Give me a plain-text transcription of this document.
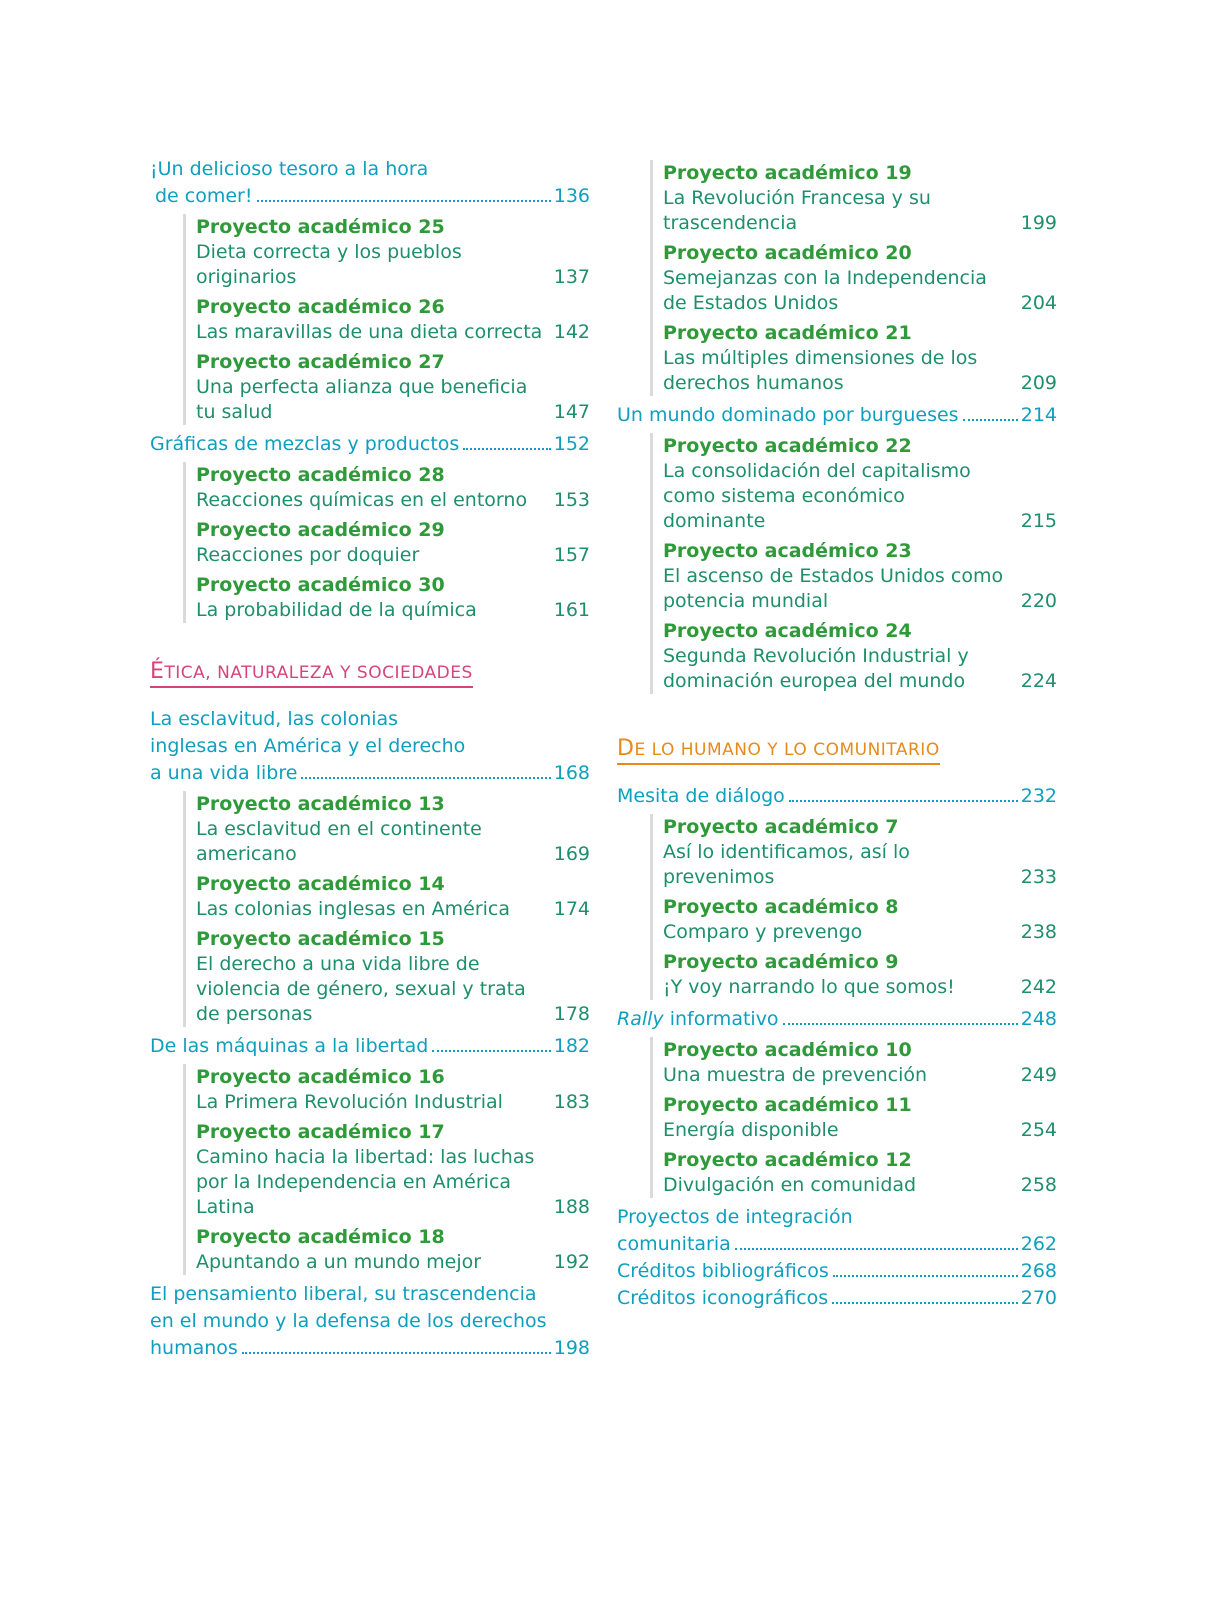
¡Un delicioso tesoro a la hora
de comer!	136
Proyecto académico 25
Dieta correcta y los pueblos originarios	137
Proyecto académico 26
Las maravillas de una dieta correcta 142
Proyecto académico 27
Una perfecta alianza que beneficia tu salud	147
Gráficas de mezclas y productos	152
Proyecto académico 28
Reacciones químicas en el entorno 153
Proyecto académico 29
Reacciones por doquier	157
Proyecto académico 30
La probabilidad de la química	161
ÉTICA, NATURALEZA Y SOCIEDADES
La esclavitud, las colonias
inglesas en América y el derecho
a una vida libre	168
Proyecto académico 13
La esclavitud en el continente americano	169
Proyecto académico 14
Las colonias inglesas en América 174
Proyecto académico 15
El derecho a una vida libre de violencia de género, sexual y trata de personas	178
De las máquinas a la libertad	182
Proyecto académico 16
La Primera Revolución Industrial	183
Proyecto académico 17
Camino hacia la libertad: las luchas por la Independencia en América Latina	188
Proyecto académico 18
Apuntando a un mundo mejor	192
El pensamiento liberal, su trascendencia
en el mundo y la defensa de los derechos
humanos	198
Proyecto académico 19
La Revolución Francesa y su trascendencia	199
Proyecto académico 20
Semejanzas con la Independencia de Estados Unidos	204
Proyecto académico 21
Las múltiples dimensiones de los derechos humanos	209
Un mundo dominado por burgueses	214
Proyecto académico 22
La consolidación del capitalismo como sistema económico dominante	215
Proyecto académico 23
El ascenso de Estados Unidos como potencia mundial	220
Proyecto académico 24
Segunda Revolución Industrial y dominación europea del mundo	224
DE LO HUMANO Y LO COMUNITARIO
Mesita de diálogo	232
Proyecto académico 7
Así lo identificamos, así lo prevenimos	233
Proyecto académico 8
Comparo y prevengo	238
Proyecto académico 9
¡Y voy narrando lo que somos!	242
Rally informativo	248
Proyecto académico 10
Una muestra de prevención	249
Proyecto académico 11
Energía disponible	254
Proyecto académico 12
Divulgación en comunidad	258
Proyectos de integración
comunitaria	262
Créditos bibliográficos	268
Créditos iconográficos	270
